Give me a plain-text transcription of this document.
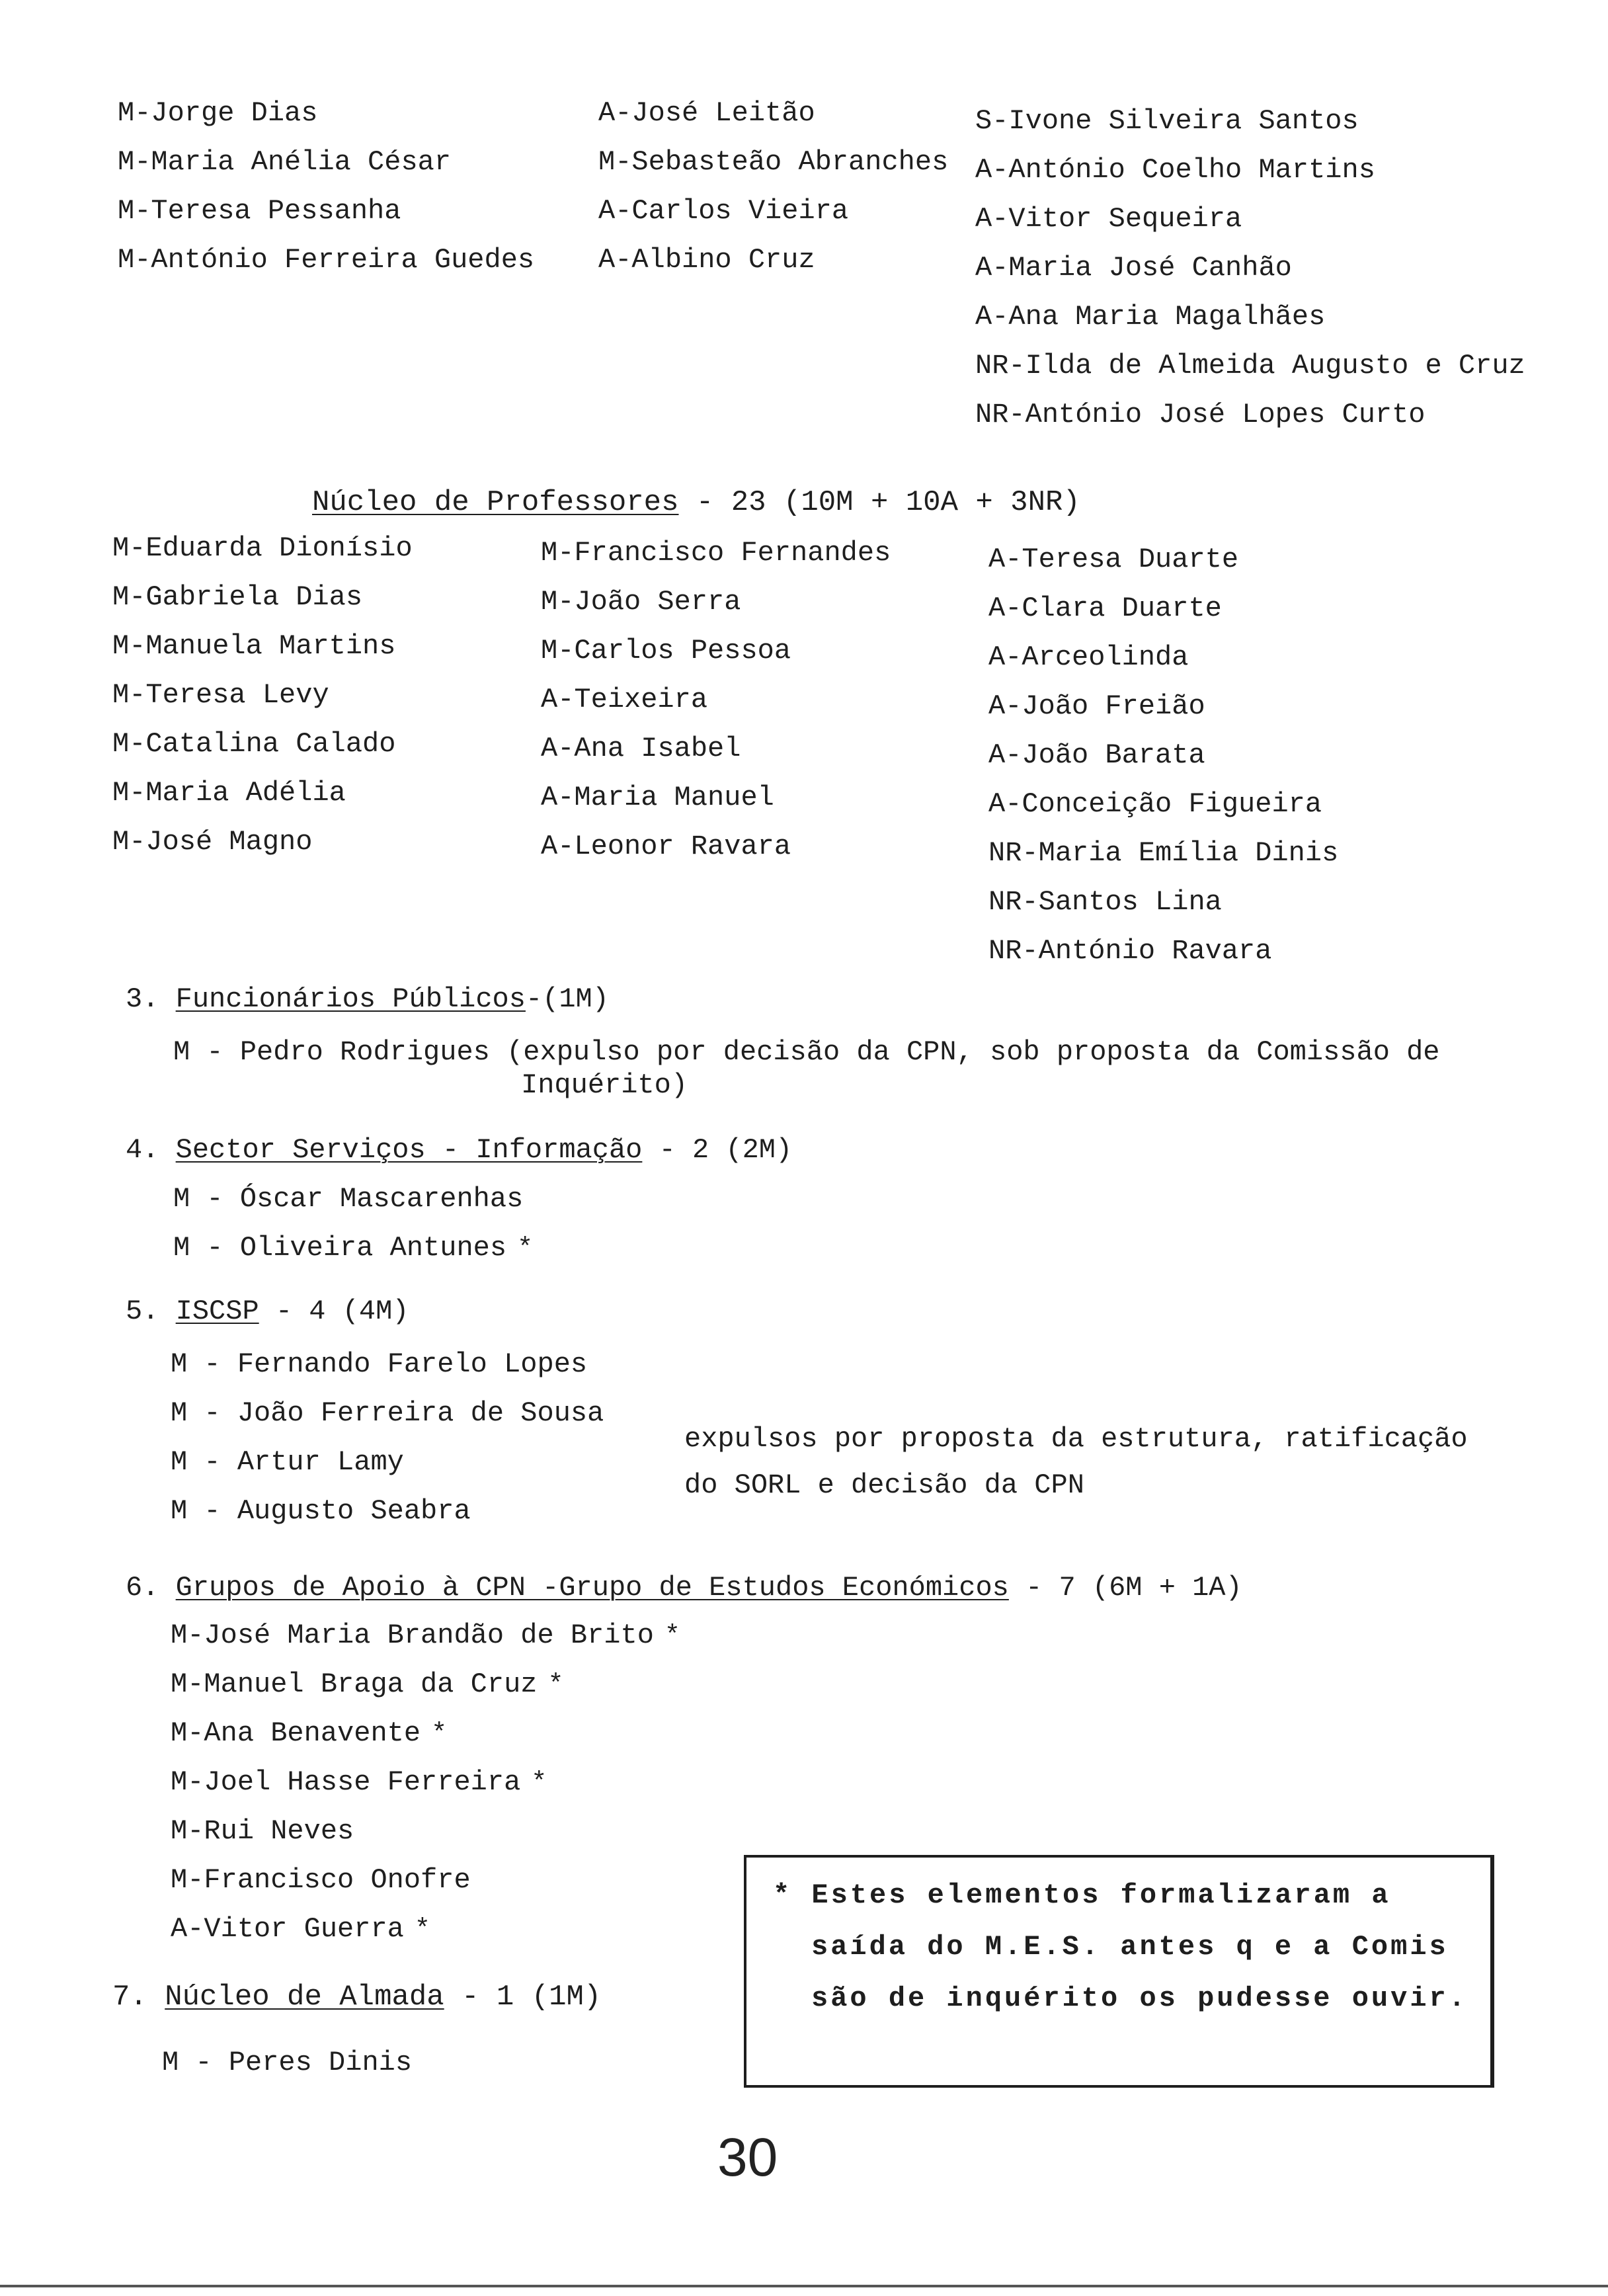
M-Jorge Dias
M-Maria Anélia César
M-Teresa Pessanha
M-António Ferreira Guedes
A-José Leitão
M-Sebasteão Abranches
A-Carlos Vieira
A-Albino Cruz
S-Ivone Silveira Santos
A-António Coelho Martins
A-Vitor Sequeira
A-Maria José Canhão
A-Ana Maria Magalhães
NR-Ilda de Almeida Augusto e Cruz
NR-António José Lopes Curto
Núcleo de Professores - 23 (10M + 10A + 3NR)
M-Eduarda Dionísio
M-Gabriela Dias
M-Manuela Martins
M-Teresa Levy
M-Catalina Calado
M-Maria Adélia
M-José Magno
M-Francisco Fernandes
M-João Serra
M-Carlos Pessoa
A-Teixeira
A-Ana Isabel
A-Maria Manuel
A-Leonor Ravara
A-Teresa Duarte
A-Clara Duarte
A-Arceolinda
A-João Freião
A-João Barata
A-Conceição Figueira
NR-Maria Emília Dinis
NR-Santos Lina
NR-António Ravara
3. Funcionários Públicos-(1M)
M - Pedro Rodrigues (expulso por decisão da CPN, sob proposta da Comissão de
Inquérito)
4. Sector Serviços - Informação - 2 (2M)
M - Óscar Mascarenhas
M - Oliveira Antunes *
5. ISCSP - 4 (4M)
M - Fernando Farelo Lopes
M - João Ferreira de Sousa
M - Artur Lamy
M - Augusto Seabra
expulsos por proposta da estrutura, ratificação
do SORL e decisão da CPN
6. Grupos de Apoio à CPN -Grupo de Estudos Económicos - 7 (6M + 1A)
M-José Maria Brandão de Brito *
M-Manuel Braga da Cruz *
M-Ana Benavente *
M-Joel Hasse Ferreira *
M-Rui Neves
M-Francisco Onofre
A-Vitor Guerra *
7. Núcleo de Almada - 1 (1M)
M - Peres Dinis
* Estes elementos formalizaram a
saída do M.E.S. antes q e a Comis
são de inquérito os pudesse ouvir.
30
